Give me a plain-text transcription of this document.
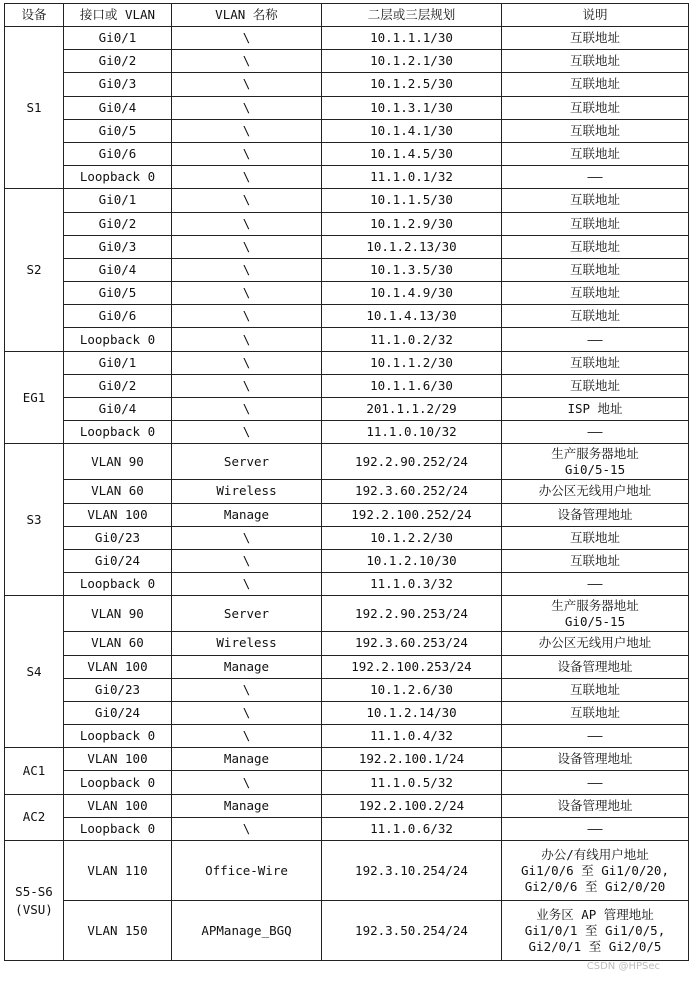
设备	接口或 VLAN	VLAN 名称	二层或三层规划	说明
S1	Gi0/1	\	10.1.1.1/30	互联地址
	Gi0/2	\	10.1.2.1/30	互联地址
	Gi0/3	\	10.1.2.5/30	互联地址
	Gi0/4	\	10.1.3.1/30	互联地址
	Gi0/5	\	10.1.4.1/30	互联地址
	Gi0/6	\	10.1.4.5/30	互联地址
	Loopback 0	\	11.1.0.1/32	——
S2	Gi0/1	\	10.1.1.5/30	互联地址
	Gi0/2	\	10.1.2.9/30	互联地址
	Gi0/3	\	10.1.2.13/30	互联地址
	Gi0/4	\	10.1.3.5/30	互联地址
	Gi0/5	\	10.1.4.9/30	互联地址
	Gi0/6	\	10.1.4.13/30	互联地址
	Loopback 0	\	11.1.0.2/32	——
EG1	Gi0/1	\	10.1.1.2/30	互联地址
	Gi0/2	\	10.1.1.6/30	互联地址
	Gi0/4	\	201.1.1.2/29	ISP 地址
	Loopback 0	\	11.1.0.10/32	——
S3	VLAN 90	Server	192.2.90.252/24	生产服务器地址
Gi0/5-15
	VLAN 60	Wireless	192.3.60.252/24	办公区无线用户地址
	VLAN 100	Manage	192.2.100.252/24	设备管理地址
	Gi0/23	\	10.1.2.2/30	互联地址
	Gi0/24	\	10.1.2.10/30	互联地址
	Loopback 0	\	11.1.0.3/32	——
S4	VLAN 90	Server	192.2.90.253/24	生产服务器地址
Gi0/5-15
	VLAN 60	Wireless	192.3.60.253/24	办公区无线用户地址
	VLAN 100	Manage	192.2.100.253/24	设备管理地址
	Gi0/23	\	10.1.2.6/30	互联地址
	Gi0/24	\	10.1.2.14/30	互联地址
	Loopback 0	\	11.1.0.4/32	——
AC1	VLAN 100	Manage	192.2.100.1/24	设备管理地址
	Loopback 0	\	11.1.0.5/32	——
AC2	VLAN 100	Manage	192.2.100.2/24	设备管理地址
	Loopback 0	\	11.1.0.6/32	——
S5-S6
(VSU)	VLAN 110	Office-Wire	192.3.10.254/24	办公/有线用户地址
Gi1/0/6 至 Gi1/0/20,
Gi2/0/6 至 Gi2/0/20
	VLAN 150	APManage_BGQ	192.3.50.254/24	业务区 AP 管理地址
Gi1/0/1 至 Gi1/0/5,
Gi2/0/1 至 Gi2/0/5
CSDN @HPSec
